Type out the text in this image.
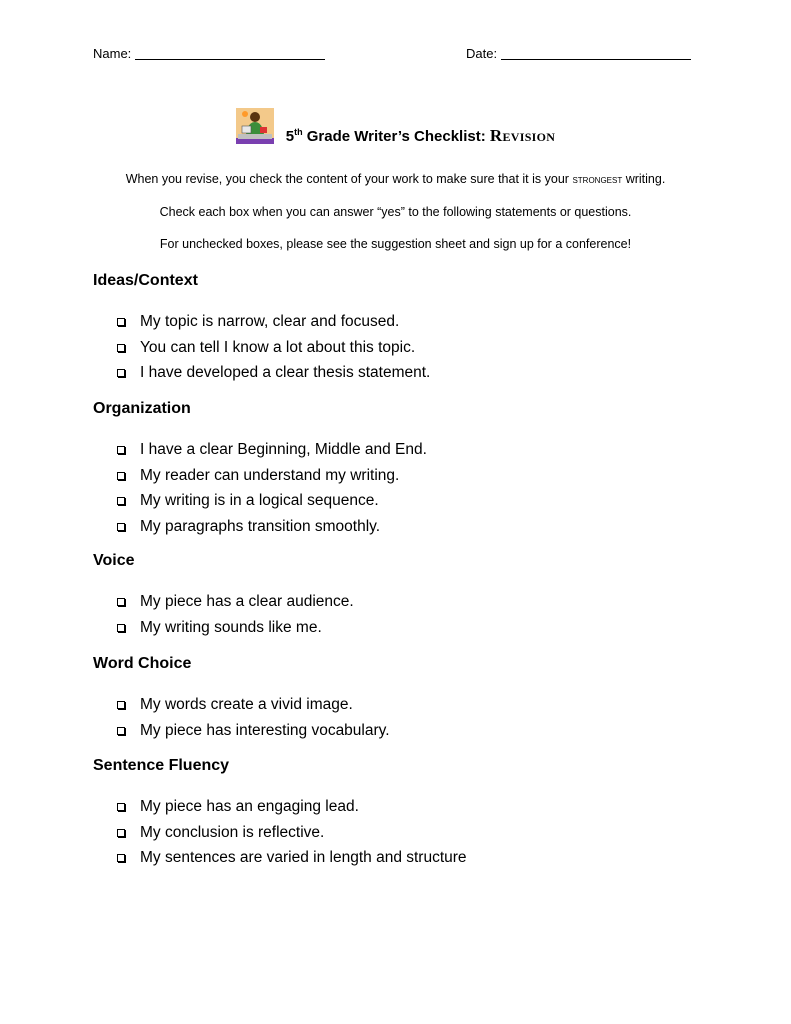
Name:	Date:
5th Grade Writer’s Checklist: Revision
When you revise, you check the content of your work to make sure that it is your strongest writing.
Check each box when you can answer “yes” to the following statements or questions.
For unchecked boxes, please see the suggestion sheet and sign up for a conference!
Ideas/Context
My topic is narrow, clear and focused.
You can tell I know a lot about this topic.
I have developed a clear thesis statement.
Organization
I have a clear Beginning, Middle and End.
My reader can understand my writing.
My writing is in a logical sequence.
My paragraphs transition smoothly.
Voice
My piece has a clear audience.
My writing sounds like me.
Word Choice
My words create a vivid image.
My piece has interesting vocabulary.
Sentence Fluency
My piece has an engaging lead.
My conclusion is reflective.
My sentences are varied in length and structure
